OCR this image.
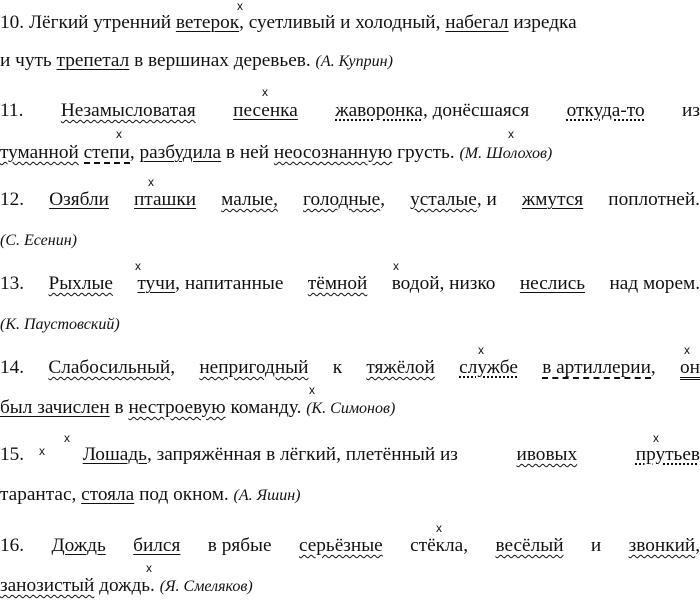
10. Лёгкий утренний ветерок, суетливый и холодный, набегал изредка
и чуть трепетал в вершинах деревьев. (А. Куприн)
x
11. Незамысловатая песенка жаворонка, донёсшаяся откуда-то из
туманной степи, разбудила в ней неосознанную грусть. (М. Шолохов)
x
x	x
12. Озябли пташки малые, голодные, усталые, и жмутся поплотней.
(С. Есенин)
x
13. Рыхлые тучи, напитанные тёмной водой, низко неслись над морем.
(К. Паустовский)
x	x
14. Слабосильный, непригодный к тяжёлой службе в артиллерии, он
был зачислен в нестроевую команду. (К. Симонов)
x	x
x
15.	Лошадь, запряжённая в лёгкий, плетённый из	ивовых	прутьев
тарантас, стояла под окном. (А. Яшин)
x
x
x
16. Дождь бился в рябые серьёзные стёкла, весёлый и звонкий,
занозистый дождь. (Я. Смеляков)
x
x
